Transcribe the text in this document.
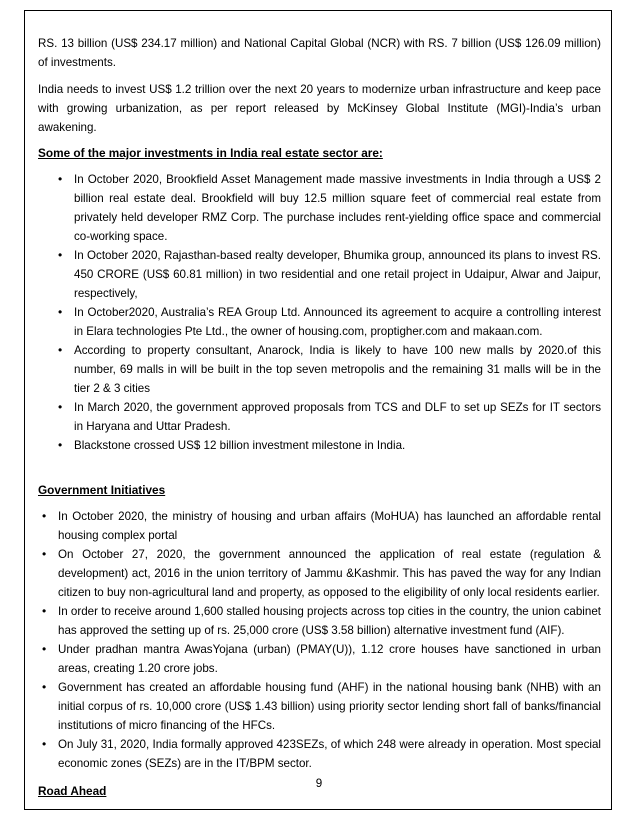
RS. 13 billion (US$ 234.17 million) and National Capital Global (NCR) with RS. 7 billion (US$ 126.09 million) of investments.

India needs to invest US$ 1.2 trillion over the next 20 years to modernize urban infrastructure and keep pace with growing urbanization, as per report released by McKinsey Global Institute (MGI)-India’s urban awakening.

Some of the major investments in India real estate sector are:
• In October 2020, Brookfield Asset Management made massive investments in India through a US$ 2 billion real estate deal. Brookfield will buy 12.5 million square feet of commercial real estate from privately held developer RMZ Corp. The purchase includes rent-yielding office space and commercial co-working space.
• In October 2020, Rajasthan-based realty developer, Bhumika group, announced its plans to invest RS. 450 CRORE (US$ 60.81 million) in two residential and one retail project in Udaipur, Alwar and Jaipur, respectively,
• In October2020, Australia’s REA Group Ltd. Announced its agreement to acquire a controlling interest in Elara technologies Pte Ltd., the owner of housing.com, proptigher.com and makaan.com.
• According to property consultant, Anarock, India is likely to have 100 new malls by 2020.of this number, 69 malls in will be built in the top seven metropolis and the remaining 31 malls will be in the tier 2 & 3 cities
• In March 2020, the government approved proposals from TCS and DLF to set up SEZs for IT sectors in Haryana and Uttar Pradesh.
• Blackstone crossed US$ 12 billion investment milestone in India.
Government Initiatives
• In October 2020, the ministry of housing and urban affairs (MoHUA) has launched an affordable rental housing complex portal
• On October 27, 2020, the government announced the application of real estate (regulation & development) act, 2016 in the union territory of Jammu &Kashmir. This has paved the way for any Indian citizen to buy non-agricultural land and property, as opposed to the eligibility of only local residents earlier.
• In order to receive around 1,600 stalled housing projects across top cities in the country, the union cabinet has approved the setting up of rs. 25,000 crore (US$ 3.58 billion) alternative investment fund (AIF).
• Under pradhan mantra AwasYojana (urban) (PMAY(U)), 1.12 crore houses have sanctioned in urban areas, creating 1.20 crore jobs.
• Government has created an affordable housing fund (AHF) in the national housing bank (NHB) with an initial corpus of rs. 10,000 crore (US$ 1.43 billion) using priority sector lending short fall of banks/financial institutions of micro financing of the HFCs.
• On July 31, 2020, India formally approved 423SEZs, of which 248 were already in operation. Most special economic zones (SEZs) are in the IT/BPM sector.
Road Ahead
9
